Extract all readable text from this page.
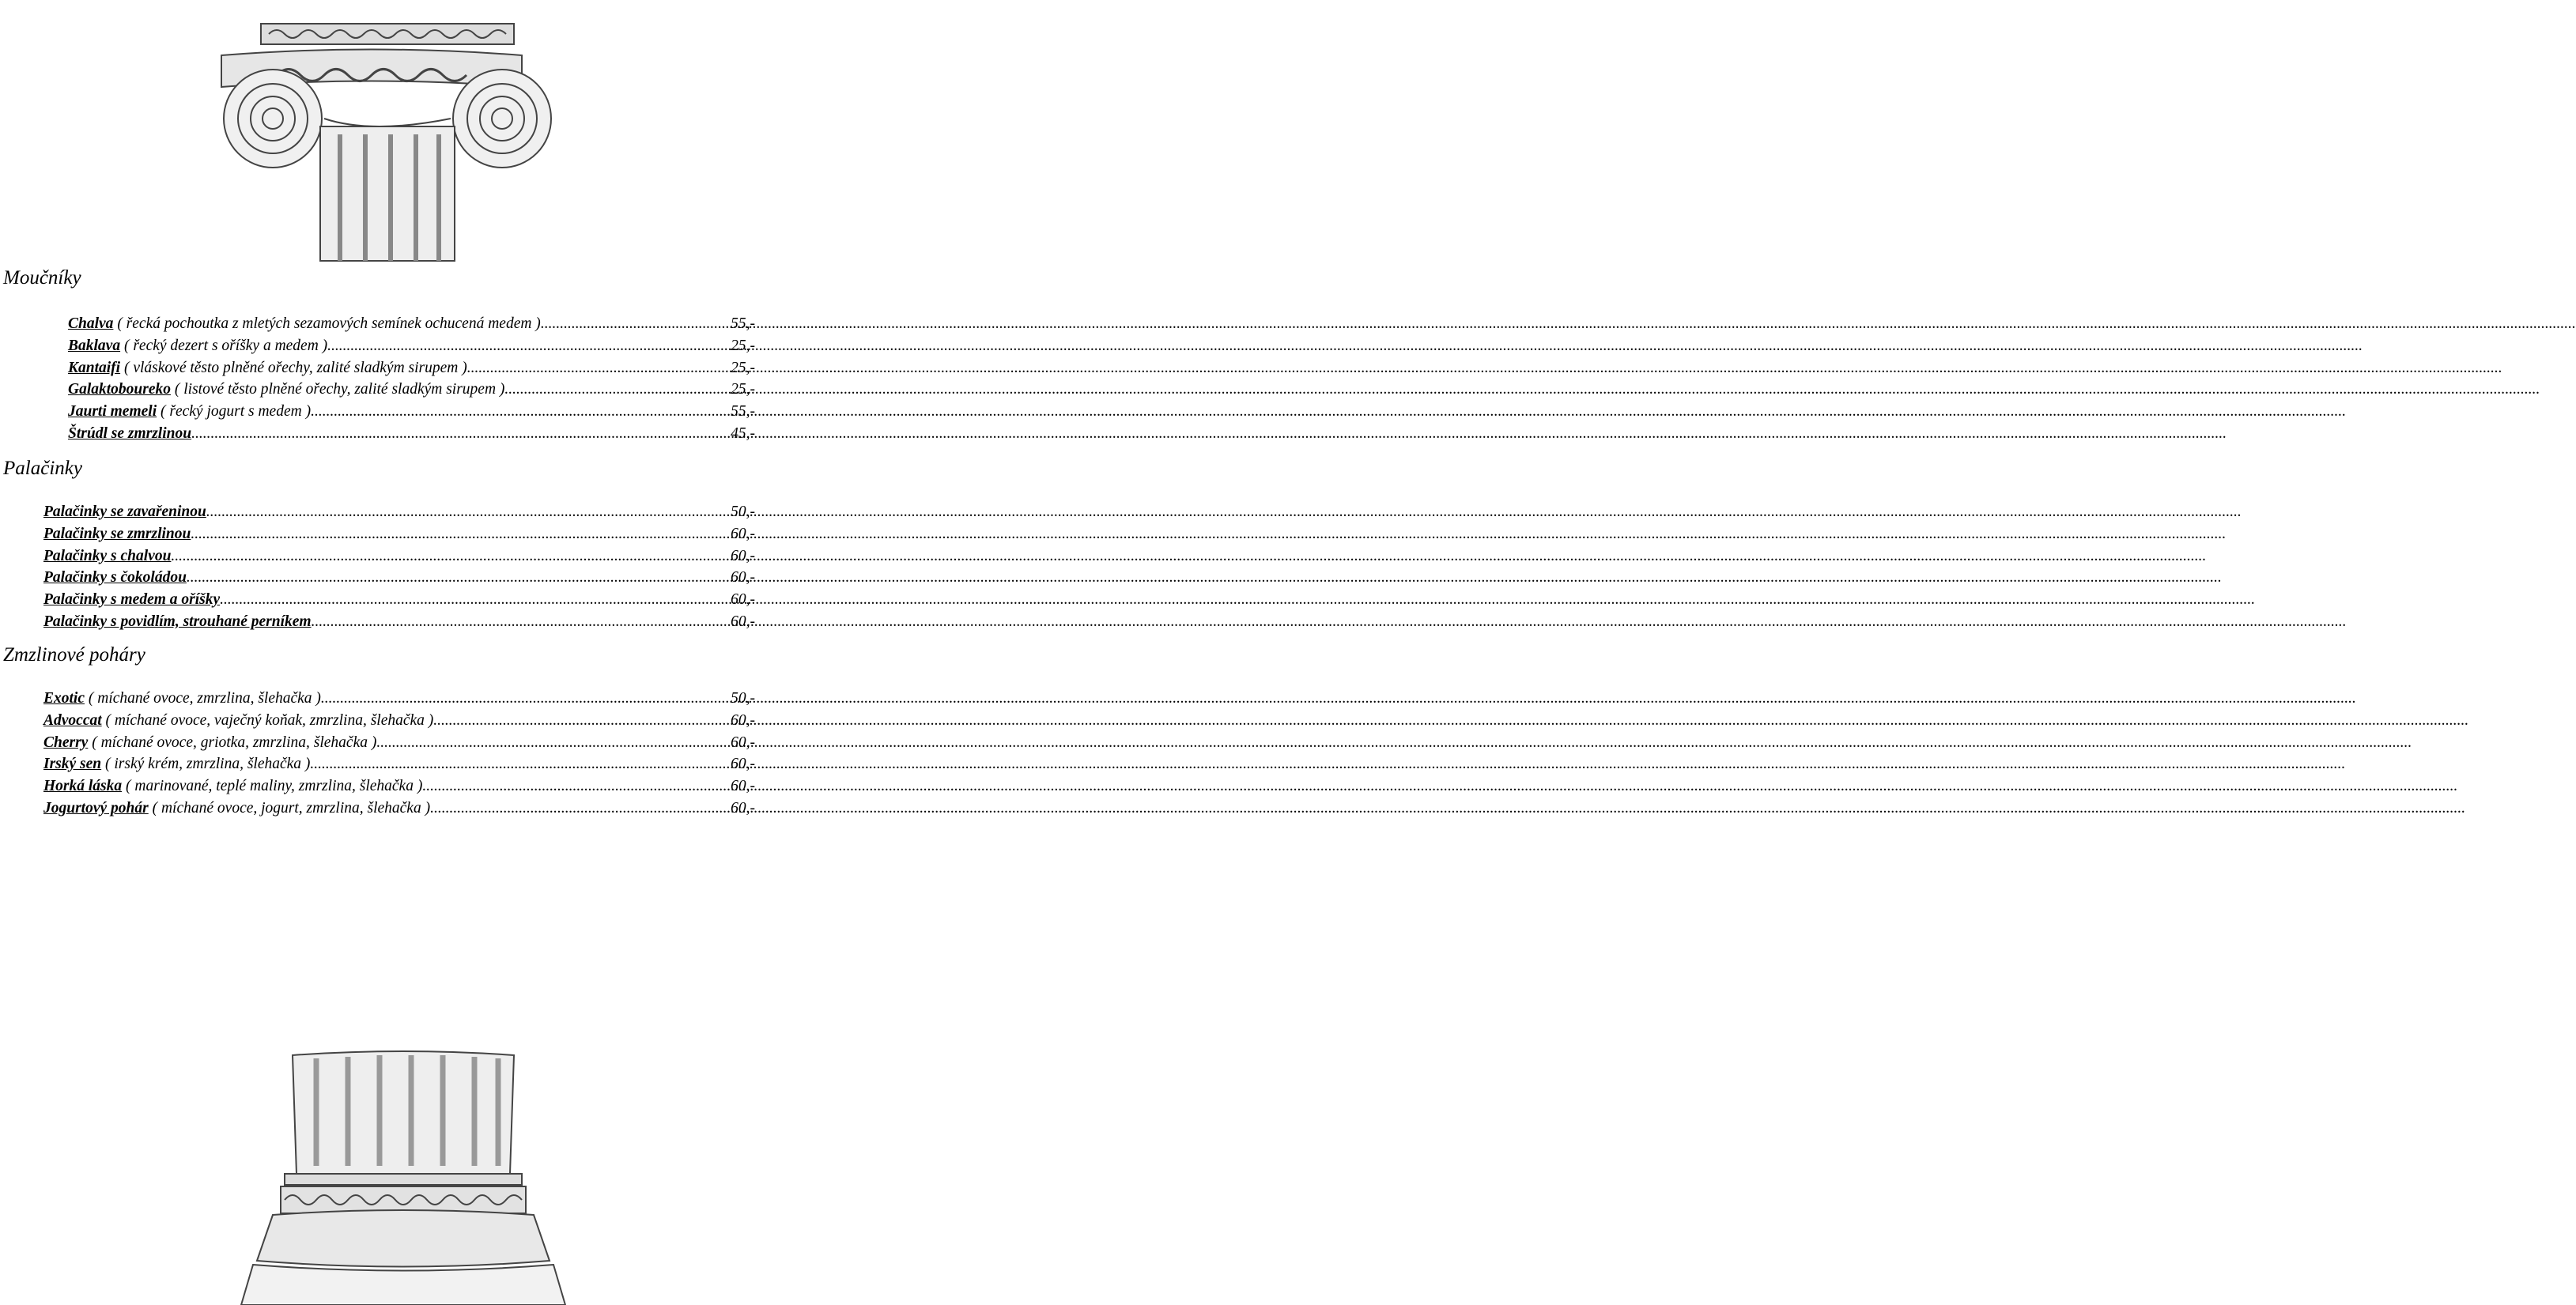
Moučníky
Chalva ( řecká pochoutka z mletých sezamových semínek ochucená medem ) .....	55,-
Baklava ( řecký dezert s oříšky a medem ) .....	25,-
Kantaifi ( vláskové těsto plněné ořechy, zalité sladkým sirupem ) .....	25,-
Galaktoboureko ( listové těsto plněné ořechy, zalité sladkým sirupem ) .....	25,-
Jaurti memeli ( řecký jogurt s medem ) .....	55,-
Štrúdl se zmrzlinou .....	45,-
Palačinky
Palačinky se zavařeninou .....	50,-
Palačinky se zmrzlinou .....	60,-
Palačinky s chalvou .....	60,-
Palačinky s čokoládou .....	60,-
Palačinky s medem a oříšky .....	60,-
Palačinky s povidlím, strouhané perníkem .....	60,-
Zmzlinové poháry
Exotic ( míchané ovoce, zmrzlina, šlehačka ) .....	50,-
Advoccat ( míchané ovoce, vaječný koňak, zmrzlina, šlehačka ) .....	60,-
Cherry ( míchané ovoce, griotka, zmrzlina, šlehačka ) .....	60,-
Irský sen ( irský krém, zmrzlina, šlehačka ) .....	60,-
Horká láska ( marinované, teplé maliny, zmrzlina, šlehačka ) .....	60,-
Jogurtový pohár ( míchané ovoce, jogurt, zmrzlina, šlehačka ) .....	60,-
